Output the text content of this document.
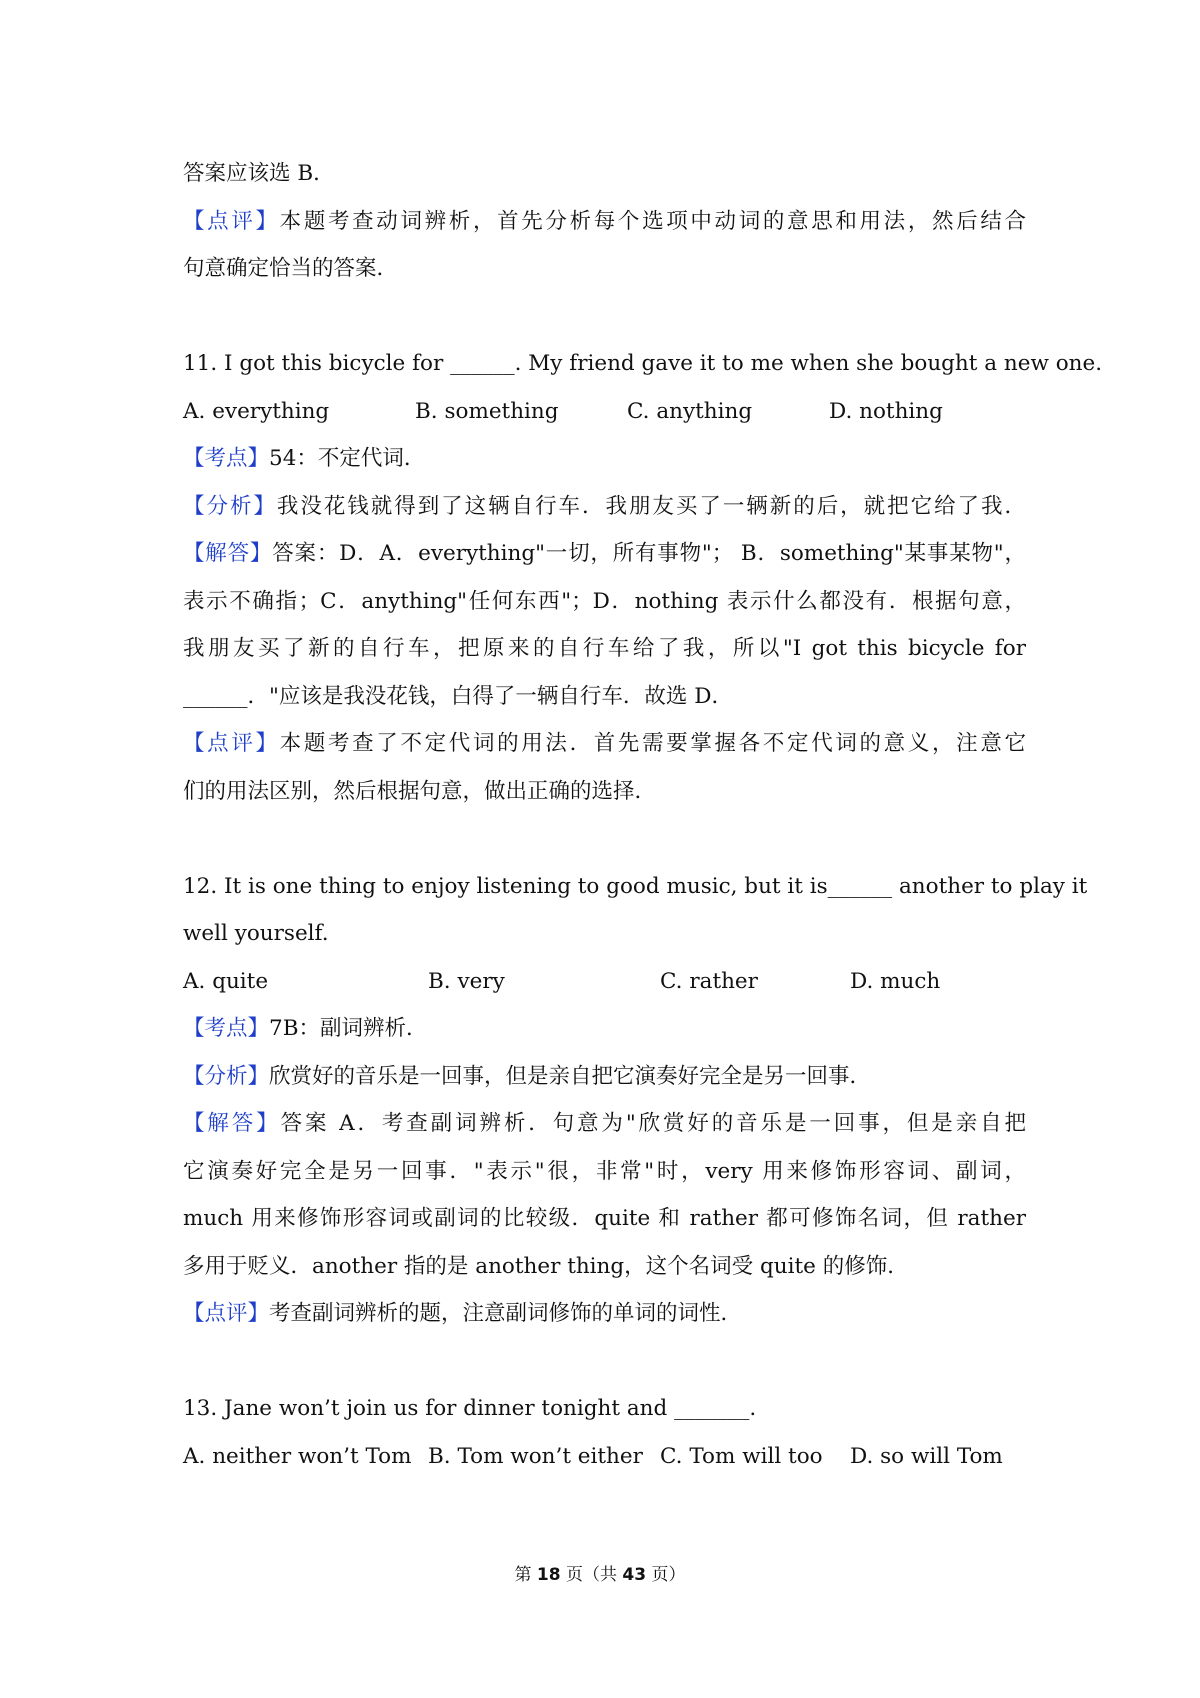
答案应该选 B．
【点评】本题考查动词辨析，首先分析每个选项中动词的意思和用法，然后结合
句意确定恰当的答案．
11. I got this bicycle for ______. My friend gave it to me when she bought a new one.
A. everything	B. something	C. anything	D. nothing
【考点】54：不定代词．
【分析】我没花钱就得到了这辆自行车．我朋友买了一辆新的后，就把它给了我．
【解答】答案：D．A．everything"一切，所有事物"； B．something"某事某物"，
表示不确指；C．anything"任何东西"；D．nothing 表示什么都没有．根据句意，
我朋友买了新的自行车，把原来的自行车给了我，所以"I got this bicycle for
______．"应该是我没花钱，白得了一辆自行车．故选 D．
【点评】本题考查了不定代词的用法．首先需要掌握各不定代词的意义，注意它
们的用法区别，然后根据句意，做出正确的选择．
12. It is one thing to enjoy listening to good music, but it is______ another to play it
well yourself.
A. quite	B. very	C. rather	D. much
【考点】7B：副词辨析．
【分析】欣赏好的音乐是一回事，但是亲自把它演奏好完全是另一回事．
【解答】答案 A．考查副词辨析．句意为"欣赏好的音乐是一回事，但是亲自把
它演奏好完全是另一回事．"表示"很，非常"时，very 用来修饰形容词、副词，
much 用来修饰形容词或副词的比较级．quite 和 rather 都可修饰名词，但 rather
多用于贬义．another 指的是 another thing，这个名词受 quite 的修饰．
【点评】考查副词辨析的题，注意副词修饰的单词的词性．
13. Jane won’t join us for dinner tonight and _______.
A. neither won’t Tom B. Tom won’t either C. Tom will too	D. so will Tom
第 18 页（共 43 页）
